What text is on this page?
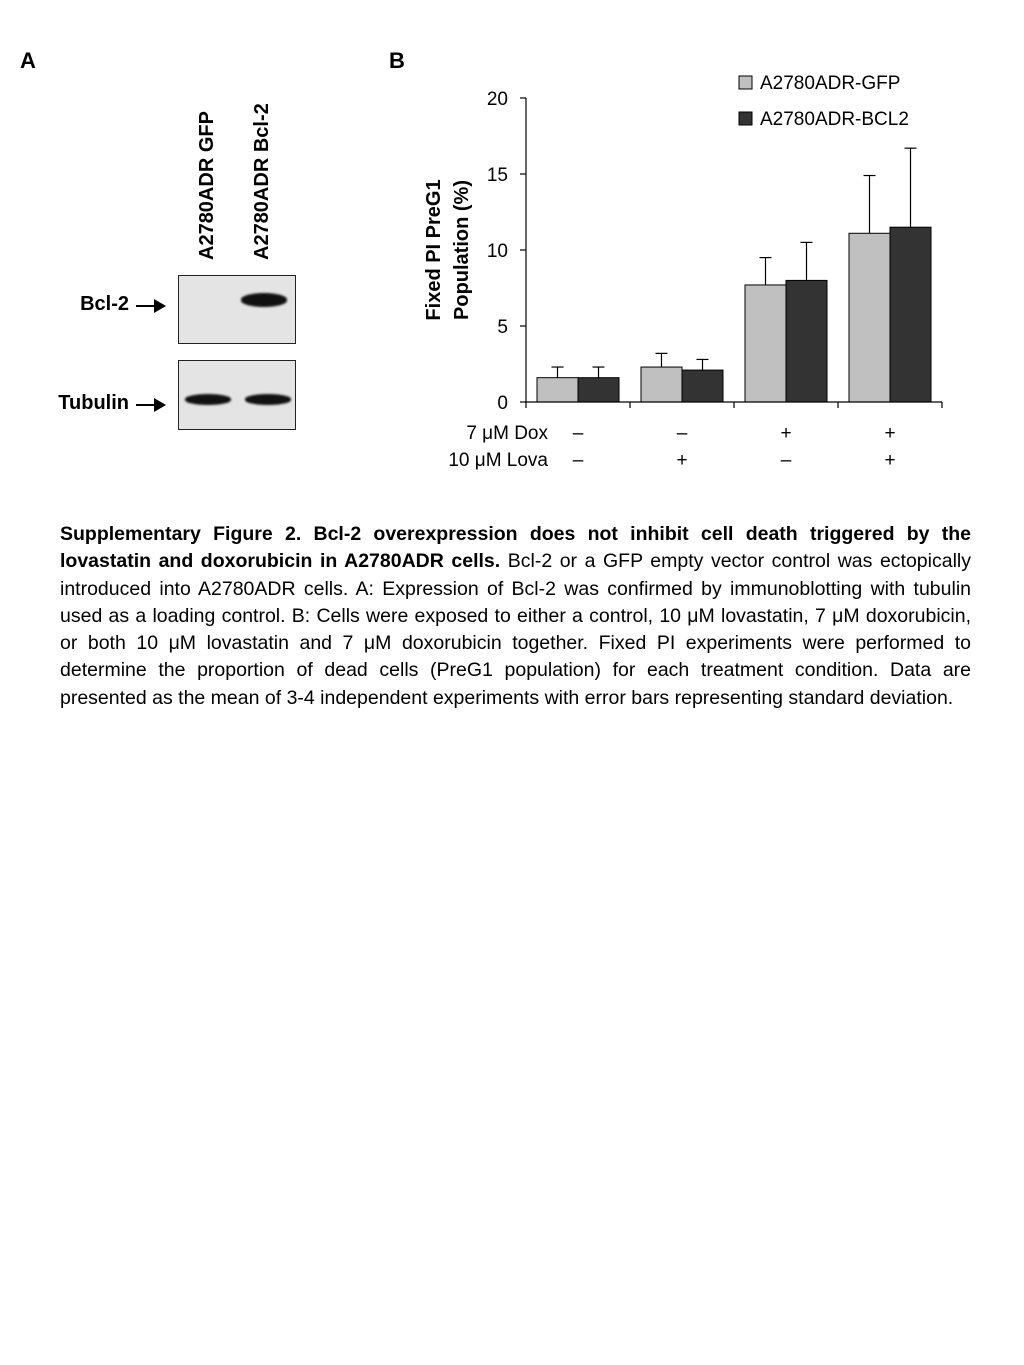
A
A2780ADR GFP A2780ADR Bcl-2
Bcl-2
Tubulin
B
0
5
10
15
20
7 μM Dox –	–	+	+
10 μM Lova –	+	–	+
Fixed PI PreG1 Population (%)
A2780ADR-GFP
A2780ADR-BCL2
Supplementary Figure 2. Bcl-2 overexpression does not inhibit cell death triggered by the lovastatin and doxorubicin in A2780ADR cells. Bcl-2 or a GFP empty vector control was ectopically introduced into A2780ADR cells. A: Expression of Bcl-2 was confirmed by immunoblotting with tubulin used as a loading control. B: Cells were exposed to either a control, 10 μM lovastatin, 7 μM doxorubicin, or both 10 μM lovastatin and 7 μM doxorubicin together. Fixed PI experiments were performed to determine the proportion of dead cells (PreG1 population) for each treatment condition. Data are presented as the mean of 3-4 independent experiments with error bars representing standard deviation.
